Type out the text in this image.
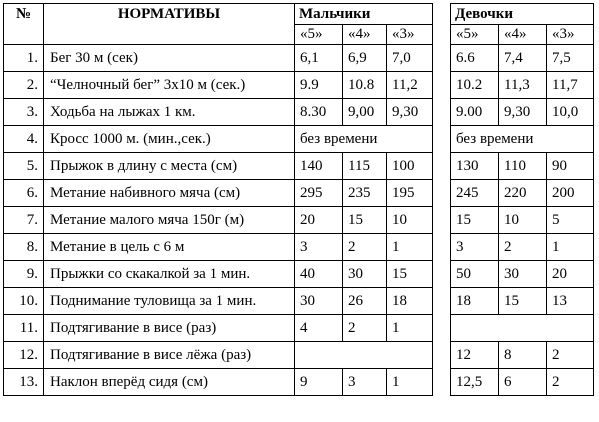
№	НОРМАТИВЫ	Мальчики				Девочки		
		«5»	«4»	«3»		«5»	«4»	«3»
1.	Бег 30 м (сек)	6,1	6,9	7,0		6.6	7,4	7,5
2.	“Челночный бег” 3х10 м (сек.)	9.9	10.8	11,2		10.2	11,3	11,7
3.	Ходьба на лыжах 1 км.	8.30	9,00	9,30		9.00	9,30	10,0
4.	Кросс 1000 м. (мин.,сек.)	без времени				без времени		
5.	Прыжок в длину с места (см)	140	115	100		130	110	90
6.	Метание набивного мяча (см)	295	235	195		245	220	200
7.	Метание малого мяча 150г (м)	20	15	10		15	10	5
8.	Метание в цель с 6 м	3	2	1		3	2	1
9.	Прыжки со скакалкой за 1 мин.	40	30	15		50	30	20
10.	Поднимание туловища за 1 мин.	30	26	18		18	15	13
11.	Подтягивание в висе (раз)	4	2	1				
12.	Подтягивание в висе лёжа (раз)					12	8	2
13.	Наклон вперёд сидя (см)	9	3	1		12,5	6	2
